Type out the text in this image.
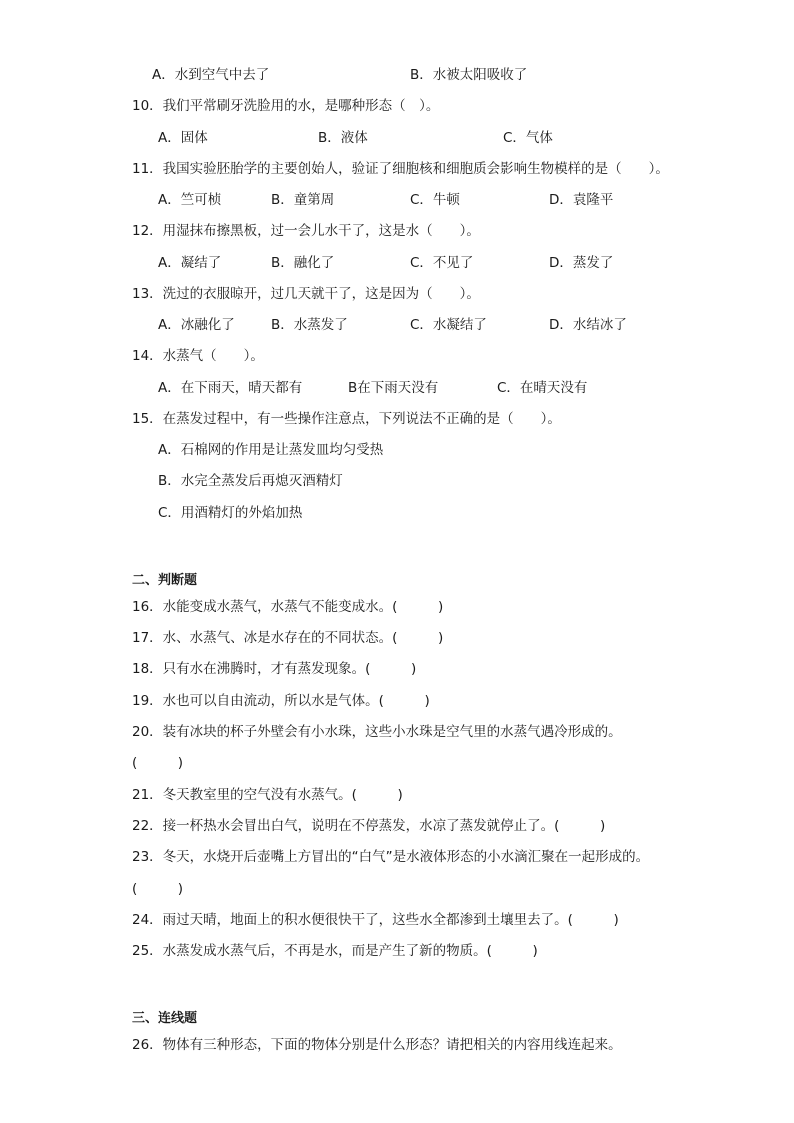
A．水到空气中去了	B．水被太阳吸收了
10．我们平常刷牙洗脸用的水，是哪种形态（　）。
A．固体	B．液体	C．气体
11．我国实验胚胎学的主要创始人，验证了细胞核和细胞质会影响生物模样的是（　　）。
A．竺可桢	B．童第周	C．牛顿	D．袁隆平
12．用湿抹布擦黑板，过一会儿水干了，这是水（　　）。
A．凝结了	B．融化了	C．不见了	D．蒸发了
13．洗过的衣服晾开，过几天就干了，这是因为（　　）。
A．冰融化了	B．水蒸发了	C．水凝结了	D．水结冰了
14．水蒸气（　　）。
A．在下雨天，晴天都有	B在下雨天没有	C．在晴天没有
15．在蒸发过程中，有一些操作注意点，下列说法不正确的是（　　）。
A．石棉网的作用是让蒸发皿均匀受热
B．水完全蒸发后再熄灭酒精灯
C．用酒精灯的外焰加热
二、判断题
16．水能变成水蒸气，水蒸气不能变成水。(　　　)
17．水、水蒸气、冰是水存在的不同状态。(　　　)
18．只有水在沸腾时，才有蒸发现象。(　　　)
19．水也可以自由流动，所以水是气体。(　　　)
20．装有冰块的杯子外壁会有小水珠，这些小水珠是空气里的水蒸气遇冷形成的。
(　　　)
21．冬天教室里的空气没有水蒸气。(　　　)
22．接一杯热水会冒出白气，说明在不停蒸发，水凉了蒸发就停止了。(　　　)
23．冬天，水烧开后壶嘴上方冒出的“白气”是水液体形态的小水滴汇聚在一起形成的。
(　　　)
24．雨过天晴，地面上的积水便很快干了，这些水全都渗到土壤里去了。(　　　)
25．水蒸发成水蒸气后，不再是水，而是产生了新的物质。(　　　)
三、连线题
26．物体有三种形态，下面的物体分别是什么形态？请把相关的内容用线连起来。
